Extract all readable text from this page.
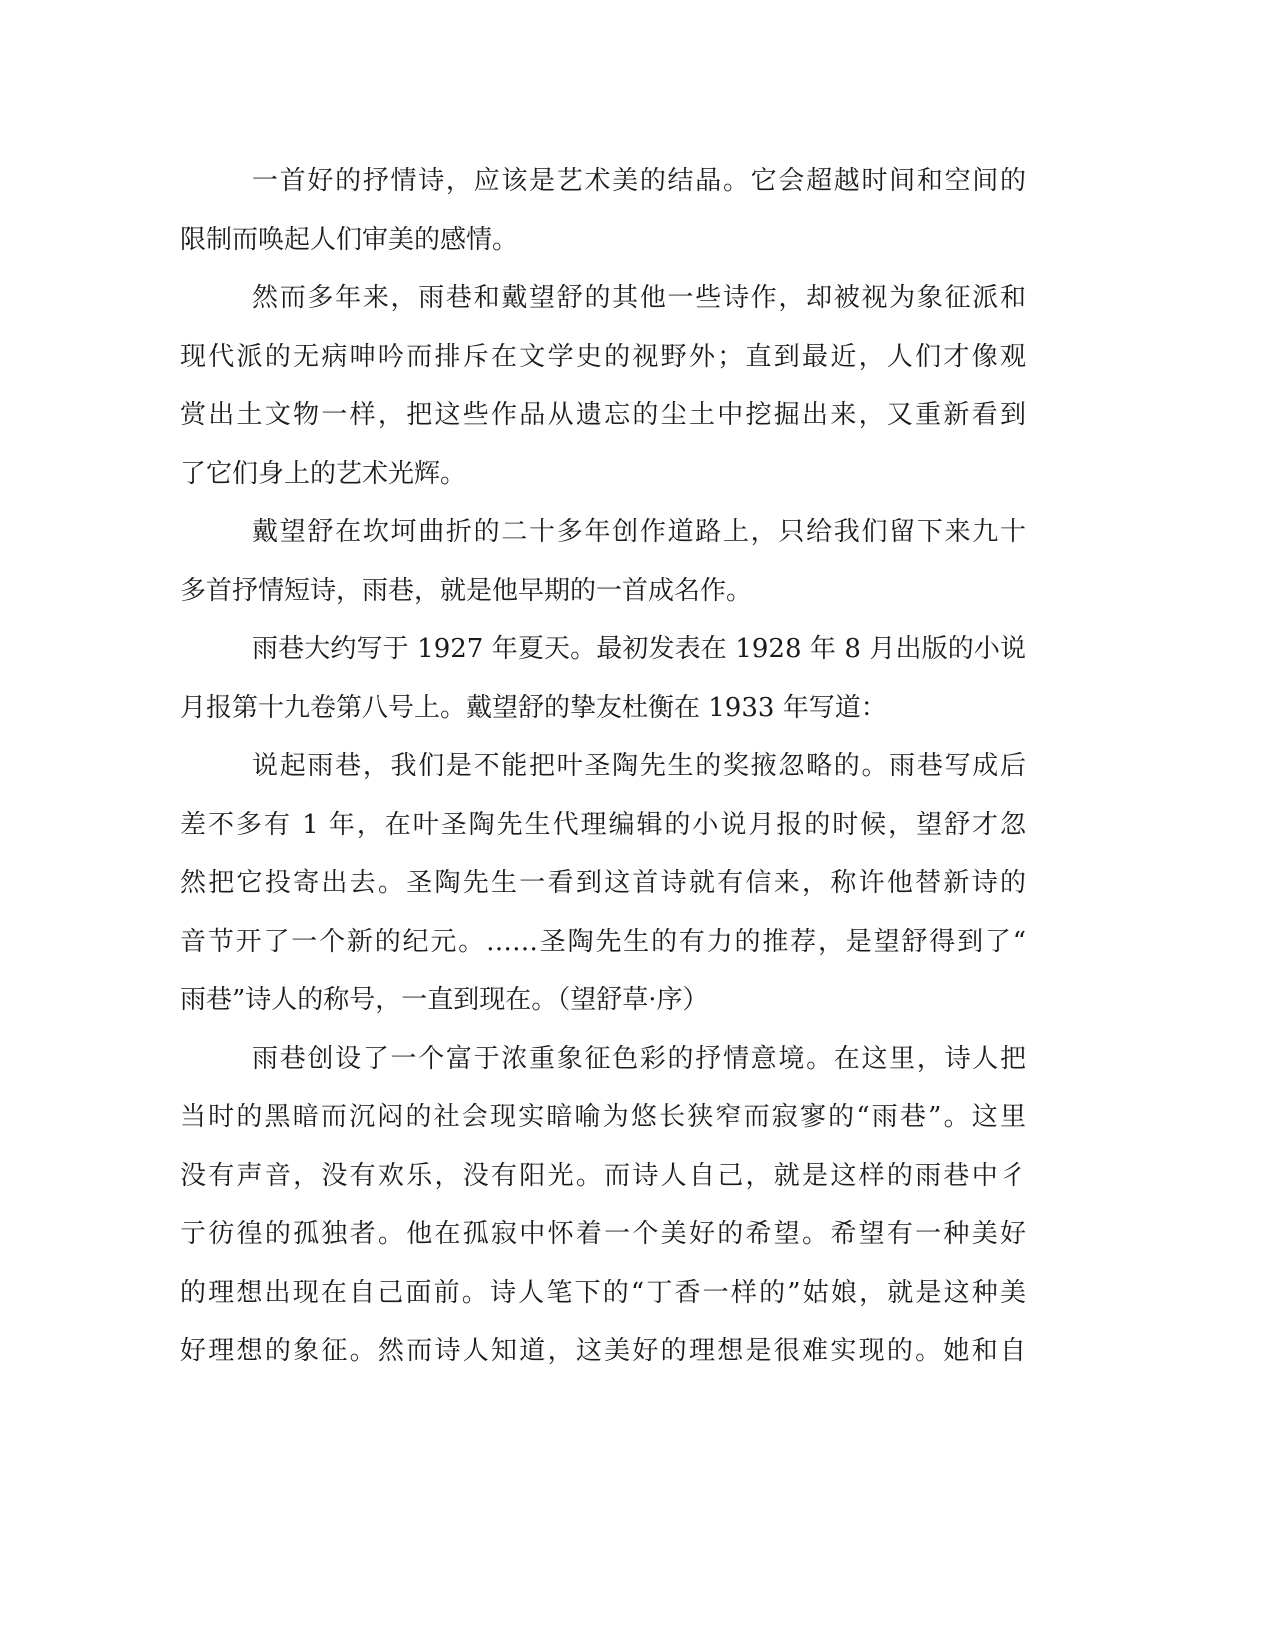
一首好的抒情诗，应该是艺术美的结晶。它会超越时间和空间的
限制而唤起人们审美的感情。
然而多年来，雨巷和戴望舒的其他一些诗作，却被视为象征派和
现代派的无病呻吟而排斥在文学史的视野外；直到最近，人们才像观
赏出土文物一样，把这些作品从遗忘的尘土中挖掘出来，又重新看到
了它们身上的艺术光辉。
戴望舒在坎坷曲折的二十多年创作道路上，只给我们留下来九十
多首抒情短诗，雨巷，就是他早期的一首成名作。
雨巷大约写于 1927 年夏天。最初发表在 1928 年 8 月出版的小说
月报第十九卷第八号上。戴望舒的挚友杜衡在 1933 年写道：
说起雨巷，我们是不能把叶圣陶先生的奖掖忽略的。雨巷写成后
差不多有 1 年，在叶圣陶先生代理编辑的小说月报的时候，望舒才忽
然把它投寄出去。圣陶先生一看到这首诗就有信来，称许他替新诗的
音节开了一个新的纪元。……圣陶先生的有力的推荐，是望舒得到了“
雨巷”诗人的称号，一直到现在。（望舒草·序）
雨巷创设了一个富于浓重象征色彩的抒情意境。在这里，诗人把
当时的黑暗而沉闷的社会现实暗喻为悠长狭窄而寂寥的“雨巷”。这里
没有声音，没有欢乐，没有阳光。而诗人自己，就是这样的雨巷中彳
亍彷徨的孤独者。他在孤寂中怀着一个美好的希望。希望有一种美好
的理想出现在自己面前。诗人笔下的“丁香一样的”姑娘，就是这种美
好理想的象征。然而诗人知道，这美好的理想是很难实现的。她和自
